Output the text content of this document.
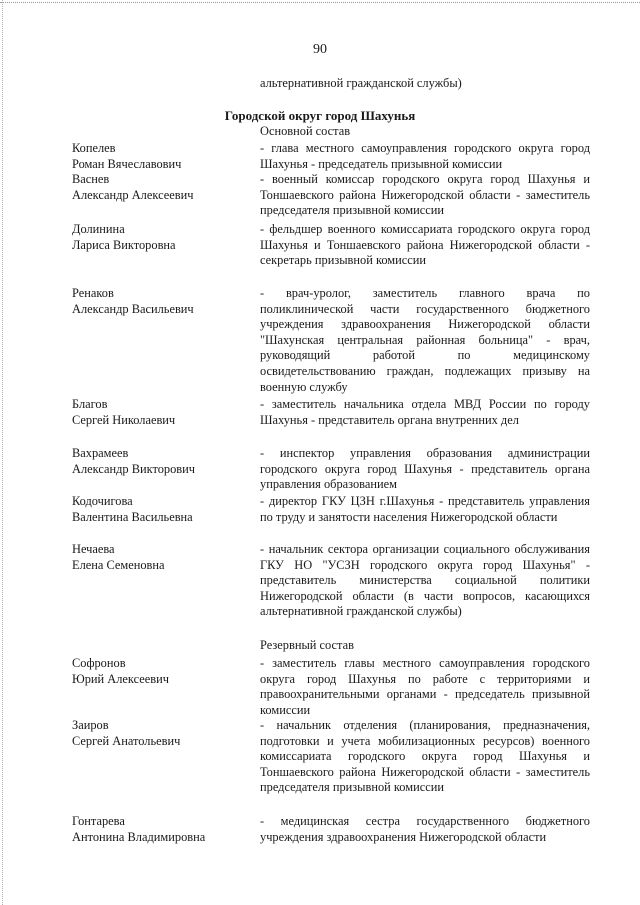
90
альтернативной гражданской службы)
Городской округ город Шахунья
Основной состав
Копелев
Роман Вячеславович
- глава местного самоуправления городского округа город Шахунья - председатель призывной комиссии
Васнев
Александр Алексеевич
- военный комиссар городского округа город Шахунья и Тоншаевского района Нижегородской области - заместитель председателя призывной комиссии
Долинина
Лариса Викторовна
- фельдшер военного комиссариата городского округа город Шахунья и Тоншаевского района Нижегородской области - секретарь призывной комиссии
Ренаков
Александр Васильевич
- врач-уролог, заместитель главного врача по поликлинической части государственного бюджетного учреждения здравоохранения Нижегородской области "Шахунская центральная районная больница" - врач, руководящий работой по медицинскому освидетельствованию граждан, подлежащих призыву на военную службу
Благов
Сергей Николаевич
- заместитель начальника отдела МВД России по городу Шахунья - представитель органа внутренних дел
Вахрамеев
Александр Викторович
- инспектор управления образования администрации городского округа город Шахунья - представитель органа управления образованием
Кодочигова
Валентина Васильевна
- директор ГКУ ЦЗН г.Шахунья - представитель управления по труду и занятости населения Нижегородской области
Нечаева
Елена Семеновна
- начальник сектора организации социального обслуживания ГКУ НО "УСЗН городского округа город Шахунья" - представитель министерства социальной политики Нижегородской области (в части вопросов, касающихся альтернативной гражданской службы)
Резервный состав
Софронов
Юрий Алексеевич
- заместитель главы местного самоуправления городского округа город Шахунья по работе с территориями и правоохранительными органами - председатель призывной комиссии
Заиров
Сергей Анатольевич
- начальник отделения (планирования, предназначения, подготовки и учета мобилизационных ресурсов) военного комиссариата городского округа город Шахунья и Тоншаевского района Нижегородской области - заместитель председателя призывной комиссии
Гонтарева
Антонина Владимировна
- медицинская сестра государственного бюджетного учреждения здравоохранения Нижегородской области
